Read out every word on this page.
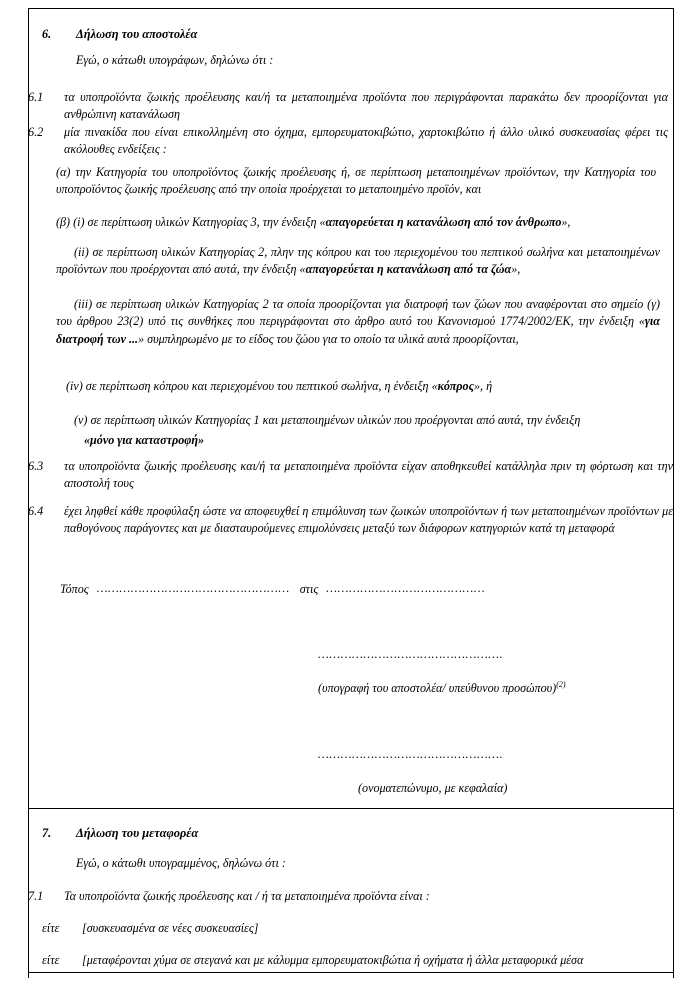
6.	Δήλωση του αποστολέα
Εγώ, ο κάτωθι υπογράφων, δηλώνω ότι :
6.1	τα υποπροϊόντα ζωικής προέλευσης και/ή τα μεταποιημένα προϊόντα που περιγράφονται παρακάτω δεν προορίζονται για ανθρώπινη κατανάλωση
6.2	μία πινακίδα που είναι επικολλημένη στο όχημα, εμπορευματοκιβώτιο, χαρτοκιβώτιο ή άλλο υλικό συσκευασίας φέρει τις ακόλουθες ενδείξεις :
(α) την Κατηγορία του υποπροϊόντος ζωικής προέλευσης ή, σε περίπτωση μεταποιημένων προϊόντων, την Κατηγορία του υποπροϊόντος ζωικής προέλευσης από την οποία προέρχεται το μεταποιημένο προϊόν, και

(β) (i) σε περίπτωση υλικών Κατηγορίας 3, την ένδειξη «απαγορεύεται η κατανάλωση από τον άνθρωπο»,

(ii) σε περίπτωση υλικών Κατηγορίας 2, πλην της κόπρου και του περιεχομένου του πεπτικού σωλήνα και μεταποιημένων προϊόντων που προέρχονται από αυτά, την ένδειξη «απαγορεύεται η κατανάλωση από τα ζώα»,

(iii) σε περίπτωση υλικών Κατηγορίας 2 τα οποία προορίζονται για διατροφή των ζώων που αναφέρονται στο σημείο (γ) του άρθρου 23(2) υπό τις συνθήκες που περιγράφονται στο άρθρο αυτό του Κανονισμού 1774/2002/ΕΚ, την ένδειξη «για διατροφή των ...» συμπληρωμένο με το είδος του ζώου για το οποίο τα υλικά αυτά προορίζονται,

(iv) σε περίπτωση κόπρου και περιεχομένου του πεπτικού σωλήνα, η ένδειξη «κόπρος», ή

(v) σε περίπτωση υλικών Κατηγορίας 1 και μεταποιημένων υλικών που προέργονται από αυτά, την ένδειξη

«μόνο για καταστροφή»

6.3	τα υποπροϊόντα ζωικής προέλευσης και/ή τα μεταποιημένα προϊόντα είχαν αποθηκευθεί κατάλληλα πριν τη φόρτωση και την αποστολή τους
6.4	έχει ληφθεί κάθε προφύλαξη ώστε να αποφευχθεί η επιμόλυνση των ζωικών υποπροϊόντων ή των μεταποιημένων προϊόντων με παθογόνους παράγοντες και με διασταυρούμενες επιμολύνσεις μεταξύ των διάφορων κατηγοριών κατά τη μεταφορά
Τόπος …………………………………………… στις ……………………………………
………………………………………….
(υπογραφή του αποστολέα/ υπεύθυνου προσώπου)$^{(2)}$
………………………………………….
(ονοματεπώνυμο, με κεφαλαία)
7.	Δήλωση του μεταφορέα
Εγώ, ο κάτωθι υπογραμμένος, δηλώνω ότι :
7.1	Τα υποπροϊόντα ζωικής προέλευσης και / ή τα μεταποιημένα προϊόντα είναι :
είτε	[συσκευασμένα σε νέες συσκευασίες]
είτε	[μεταφέρονται χύμα σε στεγανά και με κάλυμμα εμπορευματοκιβώτια ή οχήματα ή άλλα μεταφορικά μέσα
